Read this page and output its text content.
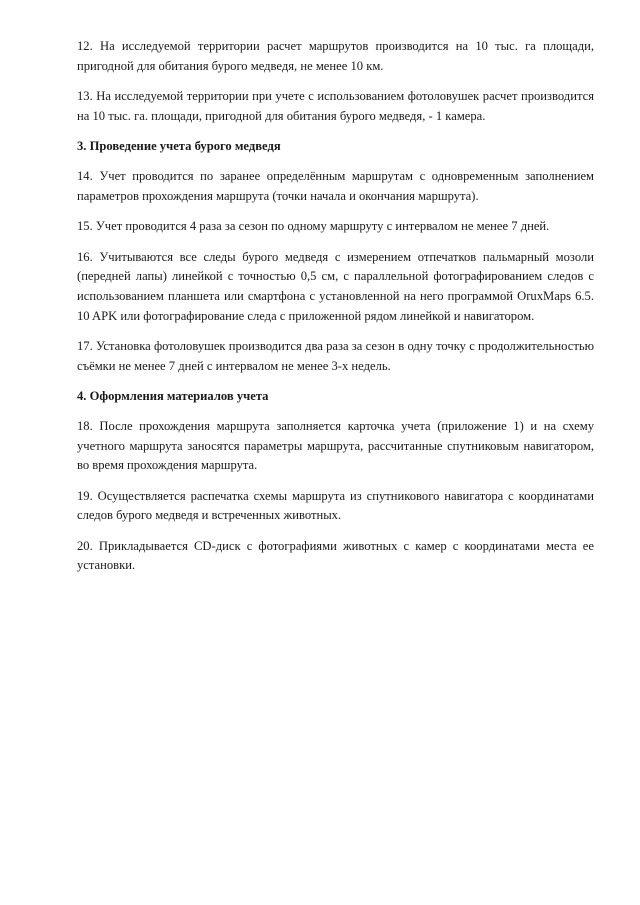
12. На исследуемой территории расчет маршрутов производится на 10 тыс. га площади, пригодной для обитания бурого медведя, не менее 10 км.

13. На исследуемой территории при учете с использованием фотоловушек расчет производится на 10 тыс. га. площади, пригодной для обитания бурого медведя, - 1 камера.

3. Проведение учета бурого медведя

14. Учет проводится по заранее определённым маршрутам с одновременным заполнением параметров прохождения маршрута (точки начала и окончания маршрута).

15. Учет проводится 4 раза за сезон по одному маршруту с интервалом не менее 7 дней.

16. Учитываются все следы бурого медведя с измерением отпечатков пальмарный мозоли (передней лапы) линейкой с точностью 0,5 см, с параллельной фотографированием следов с использованием планшета или смартфона с установленной на него программой OruxMaps 6.5. 10 APK или фотографирование следа с приложенной рядом линейкой и навигатором.

17. Установка фотоловушек производится два раза за сезон в одну точку с продолжительностью съёмки не менее 7 дней с интервалом не менее 3-х недель.

4. Оформления материалов учета

18. После прохождения маршрута заполняется карточка учета (приложение 1) и на схему учетного маршрута заносятся параметры маршрута, рассчитанные спутниковым навигатором, во время прохождения маршрута.

19. Осуществляется распечатка схемы маршрута из спутникового навигатора с координатами следов бурого медведя и встреченных животных.

20. Прикладывается CD-диск с фотографиями животных с камер с координатами места ее установки.
